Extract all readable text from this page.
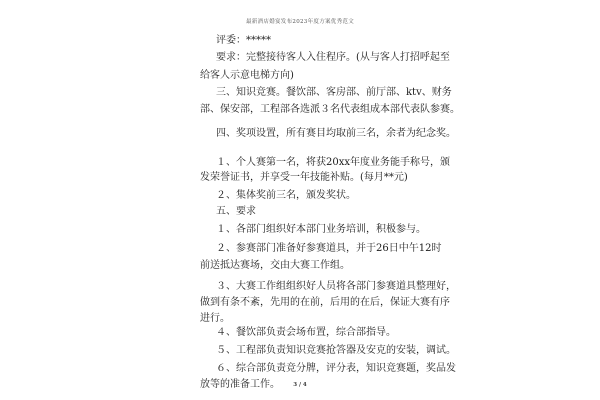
最新酒店婚宴发布2023年度方案优秀范文
评委：*****
要求：完整接待客人入住程序。(从与客人打招呼起至
给客人示意电梯方向)
三、知识竞赛。餐饮部、客房部、前厅部、ktv、财务
部、保安部，工程部各选派３名代表组成本部代表队参赛。
四、奖项设置，所有赛目均取前三名，余者为纪念奖。
１、个人赛第一名，将获20xx年度业务能手称号，颁
发荣誉证书，并享受一年技能补贴。(每月**元)
２、集体奖前三名，颁发奖状。
五、要求
１、各部门组织好本部门业务培训，积极参与。
２、参赛部门准备好参赛道具，并于26日中午12时
前送抵达赛场，交由大赛工作组。
３、大赛工作组组织好人员将各部门参赛道具整理好，
做到有条不紊，先用的在前，后用的在后，保证大赛有序
进行。
４、餐饮部负责会场布置，综合部指导。
５、工程部负责知识竞赛抢答器及安克的安装，调试。
６、综合部负责竞分牌，评分表，知识竞赛题，奖品发
放等的准备工作。	3 / 4
